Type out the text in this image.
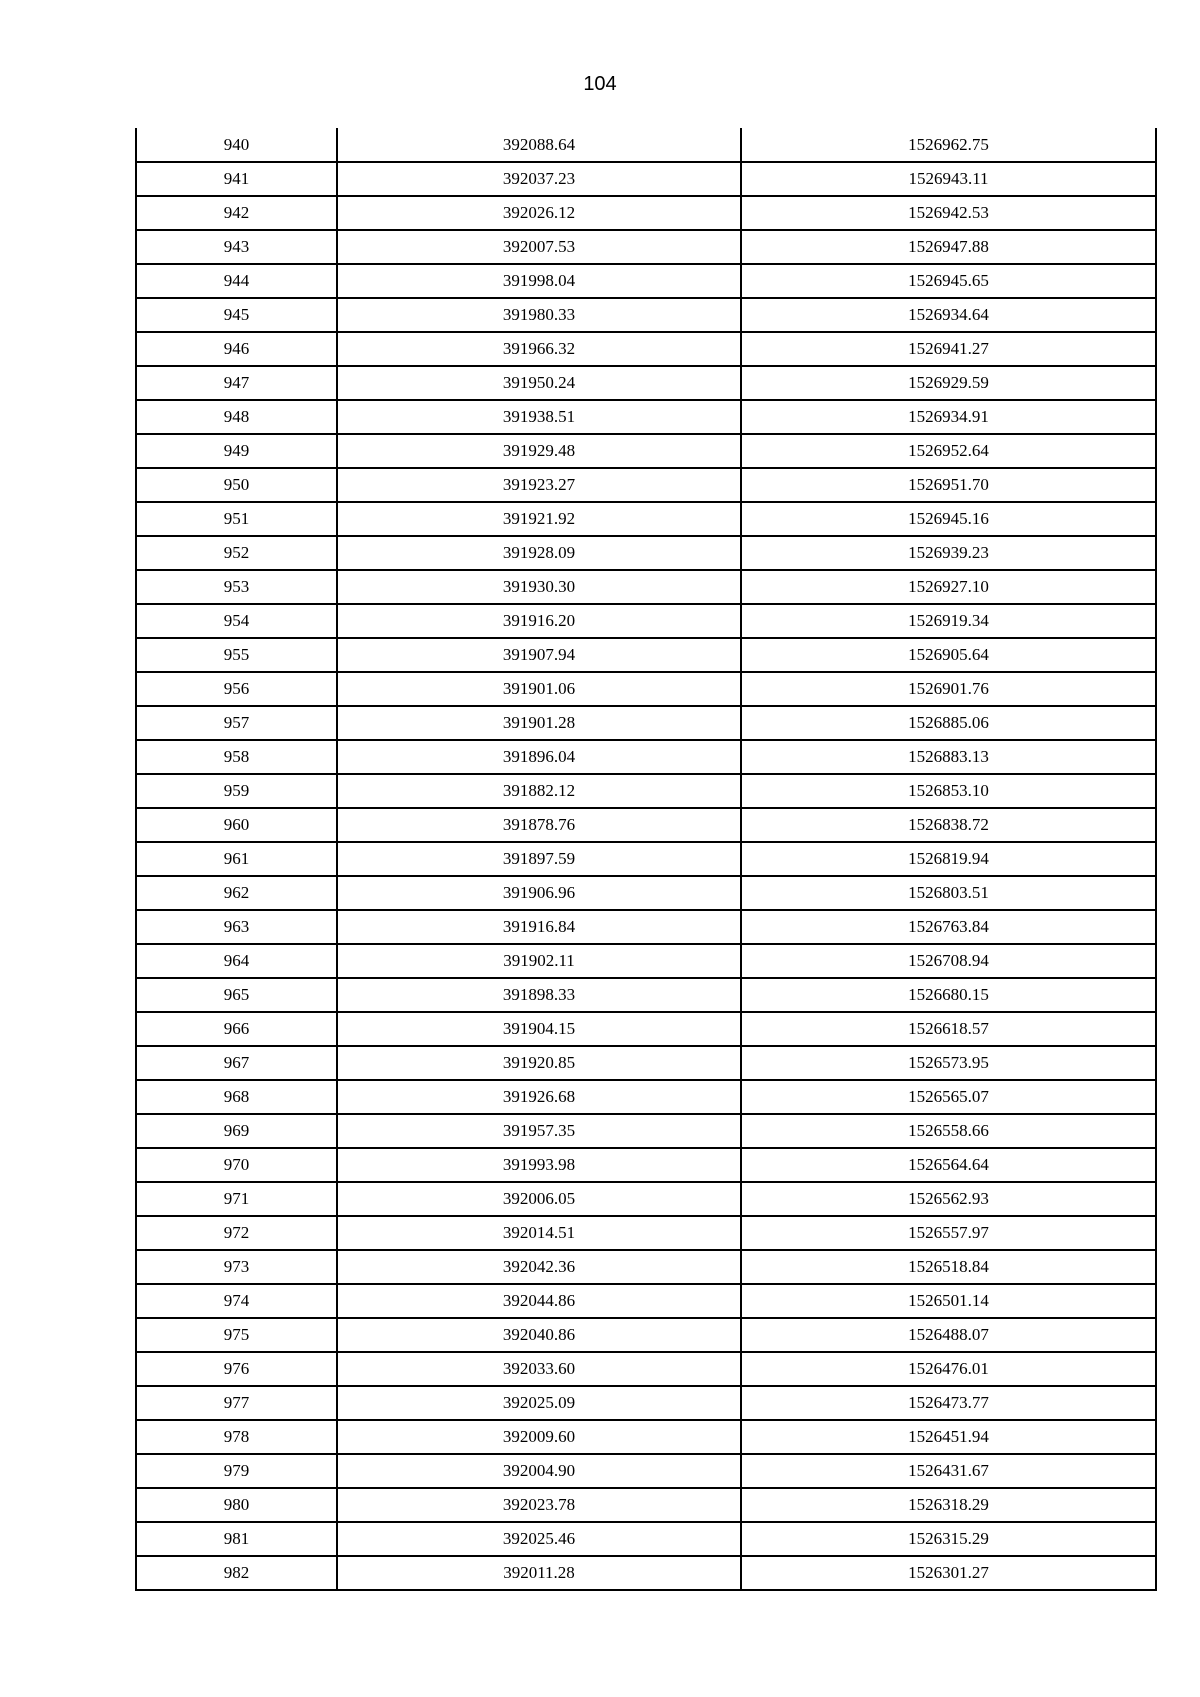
104
940	392088.64	1526962.75
941	392037.23	1526943.11
942	392026.12	1526942.53
943	392007.53	1526947.88
944	391998.04	1526945.65
945	391980.33	1526934.64
946	391966.32	1526941.27
947	391950.24	1526929.59
948	391938.51	1526934.91
949	391929.48	1526952.64
950	391923.27	1526951.70
951	391921.92	1526945.16
952	391928.09	1526939.23
953	391930.30	1526927.10
954	391916.20	1526919.34
955	391907.94	1526905.64
956	391901.06	1526901.76
957	391901.28	1526885.06
958	391896.04	1526883.13
959	391882.12	1526853.10
960	391878.76	1526838.72
961	391897.59	1526819.94
962	391906.96	1526803.51
963	391916.84	1526763.84
964	391902.11	1526708.94
965	391898.33	1526680.15
966	391904.15	1526618.57
967	391920.85	1526573.95
968	391926.68	1526565.07
969	391957.35	1526558.66
970	391993.98	1526564.64
971	392006.05	1526562.93
972	392014.51	1526557.97
973	392042.36	1526518.84
974	392044.86	1526501.14
975	392040.86	1526488.07
976	392033.60	1526476.01
977	392025.09	1526473.77
978	392009.60	1526451.94
979	392004.90	1526431.67
980	392023.78	1526318.29
981	392025.46	1526315.29
982	392011.28	1526301.27
